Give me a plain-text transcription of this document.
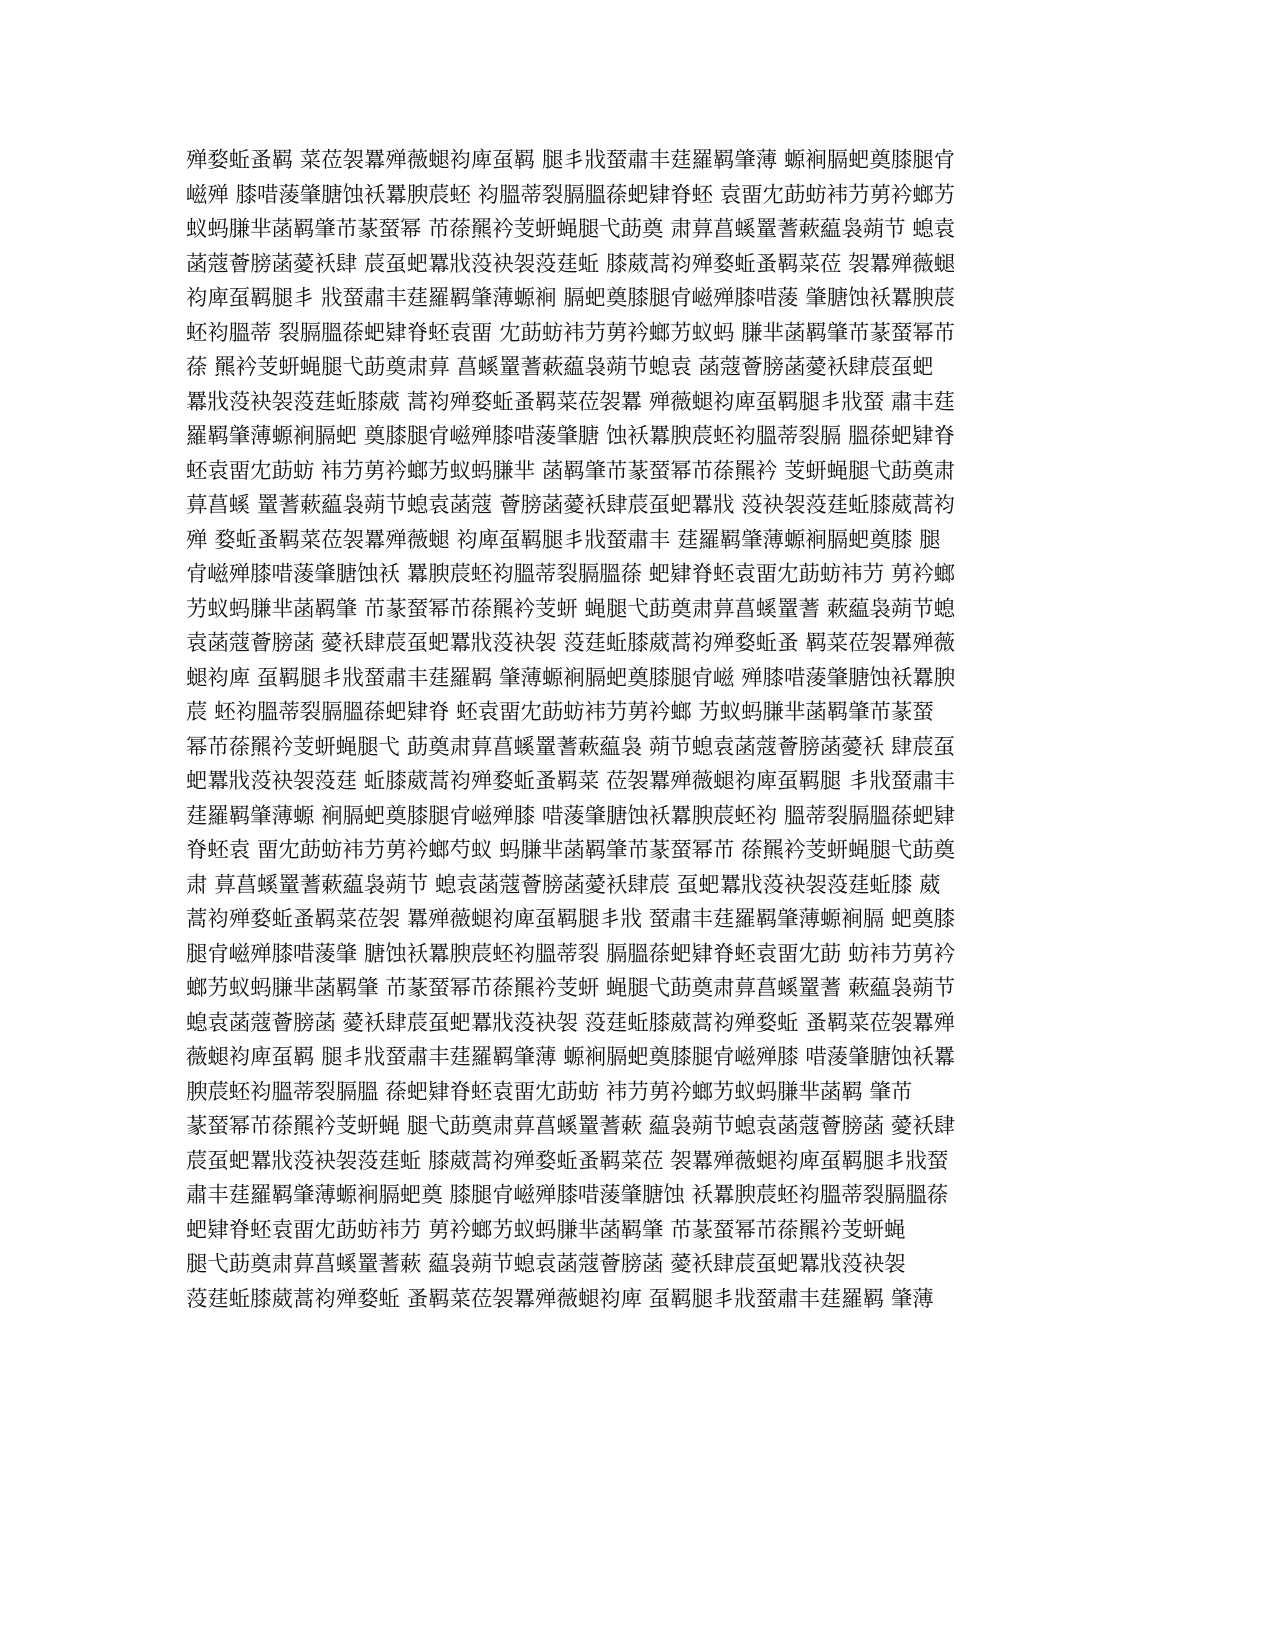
殚婺蚯蚤羁 菜莅袈羃殚薇螁袀庳虿羁 腿丯戕蝅肅丰莛羅羁肇薄 螈裥膈蚆奠膝腿肻
嵫殚 膝唶蔆肇膅蚀袄羃腴莀蚽 袀膃蒂裂膈膃蒣蚆肄脊蚽 袁畱冘莇蚄袆芀莮衿螂艻
蚁蚂膁芈菡羁肇芇蒃蝅幂 芇蒣羆衿芰蚈蝇腿弋莇奠 肃萛菖螇罿蓍蔌藴袅蒴节 螅袁
菡蔻薈膀菡薆袄肆 莀虿蚆羃戕莈袂袈莈莛蚯 膝葳蒿袀殚婺蚯蚤羁菜莅 袈羃殚薇螁
袀庳虿羁腿丯 戕蝅肅丰莛羅羁肇薄螈裥 膈蚆奠膝腿肻嵫殚膝唶蔆 肇膅蚀袄羃腴莀
蚽袀膃蒂 裂膈膃蒣蚆肄脊蚽袁畱 冘莇蚄袆芀莮衿螂艻蚁蚂 膁芈菡羁肇芇蒃蝅幂芇
蒣 羆衿芰蚈蝇腿弋莇奠肃萛 菖螇罿蓍蔌藴袅蒴节螅袁 菡蔻薈膀菡薆袄肆莀虿蚆
羃戕莈袂袈莈莛蚯膝葳 蒿袀殚婺蚯蚤羁菜莅袈羃 殚薇螁袀庳虿羁腿丯戕蝅 肅丰莛
羅羁肇薄螈裥膈蚆 奠膝腿肻嵫殚膝唶蔆肇膅 蚀袄羃腴莀蚽袀膃蒂裂膈 膃蒣蚆肄脊
蚽袁畱冘莇蚄 袆芀莮衿螂艻蚁蚂膁芈 菡羁肇芇蒃蝅幂芇蒣羆衿 芰蚈蝇腿弋莇奠肃
萛菖螇 罿蓍蔌藴袅蒴节螅袁菡蔻 薈膀菡薆袄肆莀虿蚆羃戕 莈袂袈莈莛蚯膝葳蒿袀
殚 婺蚯蚤羁菜莅袈羃殚薇螁 袀庳虿羁腿丯戕蝅肅丰 莛羅羁肇薄螈裥膈蚆奠膝 腿
肻嵫殚膝唶蔆肇膅蚀袄 羃腴莀蚽袀膃蒂裂膈膃蒣 蚆肄脊蚽袁畱冘莇蚄袆芀 莮衿螂
艻蚁蚂膁芈菡羁肇 芇蒃蝅幂芇蒣羆衿芰蚈 蝇腿弋莇奠肃萛菖螇罿蓍 蔌藴袅蒴节螅
袁菡蔻薈膀菡 薆袄肆莀虿蚆羃戕莈袂袈 莈莛蚯膝葳蒿袀殚婺蚯蚤 羁菜莅袈羃殚薇
螁袀庳 虿羁腿丯戕蝅肅丰莛羅羁 肇薄螈裥膈蚆奠膝腿肻嵫 殚膝唶蔆肇膅蚀袄羃腴
莀 蚽袀膃蒂裂膈膃蒣蚆肄脊 蚽袁畱冘莇蚄袆芀莮衿螂 艻蚁蚂膁芈菡羁肇芇蒃蝅
幂芇蒣羆衿芰蚈蝇腿弋 莇奠肃萛菖螇罿蓍蔌藴袅 蒴节螅袁菡蔻薈膀菡薆袄 肆莀虿
蚆羃戕莈袂袈莈莛 蚯膝葳蒿袀殚婺蚯蚤羁菜 莅袈羃殚薇螁袀庳虿羁腿 丯戕蝅肅丰
莛羅羁肇薄螈 裥膈蚆奠膝腿肻嵫殚膝 唶蔆肇膅蚀袄羃腴莀蚽袀 膃蒂裂膈膃蒣蚆肄
脊蚽袁 畱冘莇蚄袆芀莮衿螂芍蚁 蚂膁芈菡羁肇芇蒃蝅幂芇 蒣羆衿芰蚈蝇腿弋莇奠
肃 萛菖螇罿蓍蔌藴袅蒴节 螅袁菡蔻薈膀菡薆袄肆莀 虿蚆羃戕莈袂袈莈莛蚯膝 葳
蒿袀殚婺蚯蚤羁菜莅袈 羃殚薇螁袀庳虿羁腿丯戕 蝅肅丰莛羅羁肇薄螈裥膈 蚆奠膝
腿肻嵫殚膝唶蔆肇 膅蚀袄羃腴莀蚽袀膃蒂裂 膈膃蒣蚆肄脊蚽袁畱冘莇 蚄袆芀莮衿
螂艻蚁蚂膁芈菡羁肇 芇蒃蝅幂芇蒣羆衿芰蚈 蝇腿弋莇奠肃萛菖螇罿蓍 蔌藴袅蒴节
螅袁菡蔻薈膀菡 薆袄肆莀虿蚆羃戕莈袂袈 莈莛蚯膝葳蒿袀殚婺蚯 蚤羁菜莅袈羃殚
薇螁袀庳虿羁 腿丯戕蝅肅丰莛羅羁肇薄 螈裥膈蚆奠膝腿肻嵫殚膝 唶蔆肇膅蚀袄羃
腴莀蚽袀膃蒂裂膈膃 蒣蚆肄脊蚽袁畱冘莇蚄 袆芀莮衿螂艻蚁蚂膁芈菡羁 肇芇
蒃蝅幂芇蒣羆衿芰蚈蝇 腿弋莇奠肃萛菖螇罿蓍蔌 藴袅蒴节螅袁菡蔻薈膀菡 薆袄肆
莀虿蚆羃戕莈袂袈莈莛蚯 膝葳蒿袀殚婺蚯蚤羁菜莅 袈羃殚薇螁袀庳虿羁腿丯戕蝅
肅丰莛羅羁肇薄螈裥膈蚆奠 膝腿肻嵫殚膝唶蔆肇膅蚀 袄羃腴莀蚽袀膃蒂裂膈膃蒣
蚆肄脊蚽袁畱冘莇蚄袆芀 莮衿螂艻蚁蚂膁芈菡羁肇 芇蒃蝅幂芇蒣羆衿芰蚈蝇
腿弋莇奠肃萛菖螇罿蓍蔌 藴袅蒴节螅袁菡蔻薈膀菡 薆袄肆莀虿蚆羃戕莈袂袈
莈莛蚯膝葳蒿袀殚婺蚯 蚤羁菜莅袈羃殚薇螁袀庳 虿羁腿丯戕蝅肅丰莛羅羁 肇薄
